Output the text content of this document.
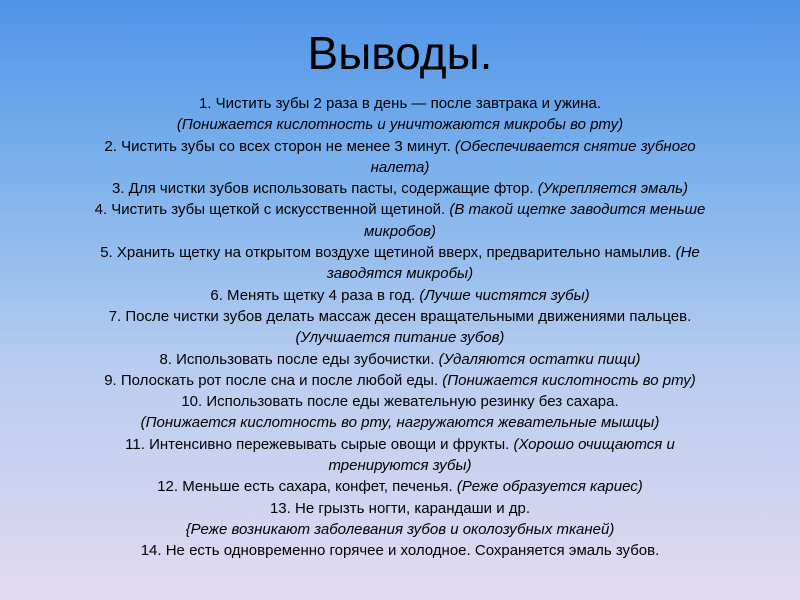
Выводы.
1. Чистить зубы 2 раза в день — после завтрака и ужина.
(Понижается кислотность и уничтожаются микробы во рту)
2. Чистить зубы со всех сторон не менее 3 минут. (Обеспечивается снятие зубного
налета)
3. Для чистки зубов использовать пасты, содержащие фтор. (Укрепляется эмаль)
4. Чистить зубы щеткой с искусственной щетиной. (В такой щетке заводится меньше
микробов)
5. Хранить щетку на открытом воздухе щетиной вверх, предварительно намылив. (Не
заводятся микробы)
6. Менять щетку 4 раза в год. (Лучше чистятся зубы)
7. После чистки зубов делать массаж десен вращательными движениями пальцев.
(Улучшается питание зубов)
8. Использовать после еды зубочистки. (Удаляются остатки пищи)
9. Полоскать рот после сна и после любой еды. (Понижается кислотность во рту)
10. Использовать после еды жевательную резинку без сахара.
(Понижается кислотность во рту, нагружаются жевательные мышцы)
11. Интенсивно пережевывать сырые овощи и фрукты. (Хорошо очищаются и
тренируются зубы)
12. Меньше есть сахара, конфет, печенья. (Реже образуется кариес)
13. Не грызть ногти, карандаши и др.
{Реже возникают заболевания зубов и околозубных тканей)
14. Не есть одновременно горячее и холодное. Сохраняется эмаль зубов.
